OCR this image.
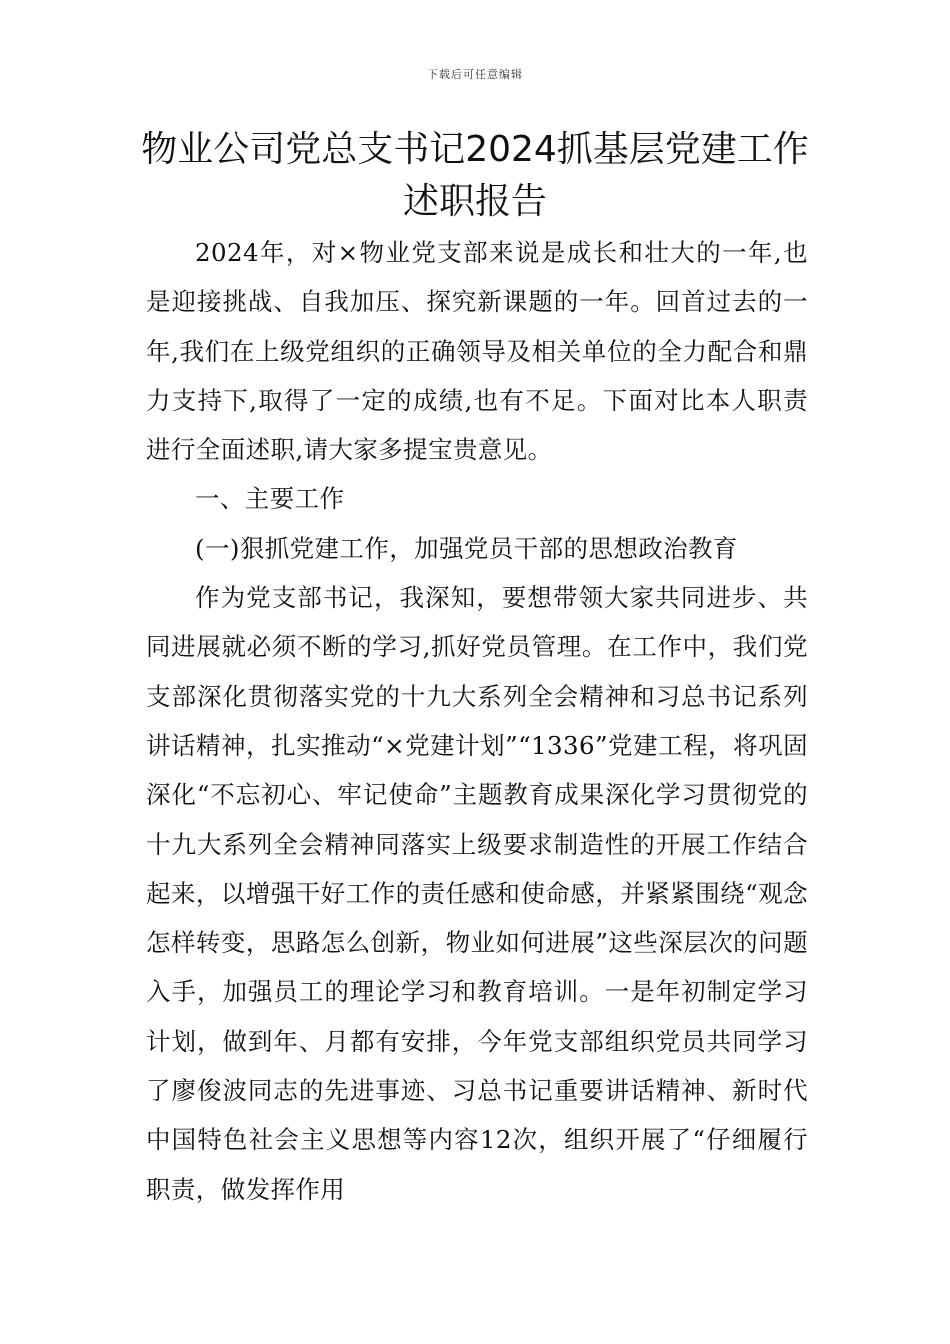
下载后可任意编辑
物业公司党总支书记2024抓基层党建工作
述职报告

2024年，对×物业党支部来说是成长和壮大的一年,也是迎接挑战、自我加压、探究新课题的一年。回首过去的一年,我们在上级党组织的正确领导及相关单位的全力配合和鼎力支持下,取得了一定的成绩,也有不足。下面对比本人职责进行全面述职,请大家多提宝贵意见。

一、主要工作

(一)狠抓党建工作，加强党员干部的思想政治教育

作为党支部书记，我深知，要想带领大家共同进步、共同进展就必须不断的学习,抓好党员管理。在工作中，我们党支部深化贯彻落实党的十九大系列全会精神和习总书记系列讲话精神，扎实推动“×党建计划”“1336”党建工程，将巩固深化“不忘初心、牢记使命”主题教育成果深化学习贯彻党的十九大系列全会精神同落实上级要求制造性的开展工作结合起来，以增强干好工作的责任感和使命感，并紧紧围绕“观念怎样转变，思路怎么创新，物业如何进展”这些深层次的问题入手，加强员工的理论学习和教育培训。一是年初制定学习计划，做到年、月都有安排，今年党支部组织党员共同学习了廖俊波同志的先进事迹、习总书记重要讲话精神、新时代中国特色社会主义思想等内容12次，组织开展了“仔细履行职责，做发挥作用
